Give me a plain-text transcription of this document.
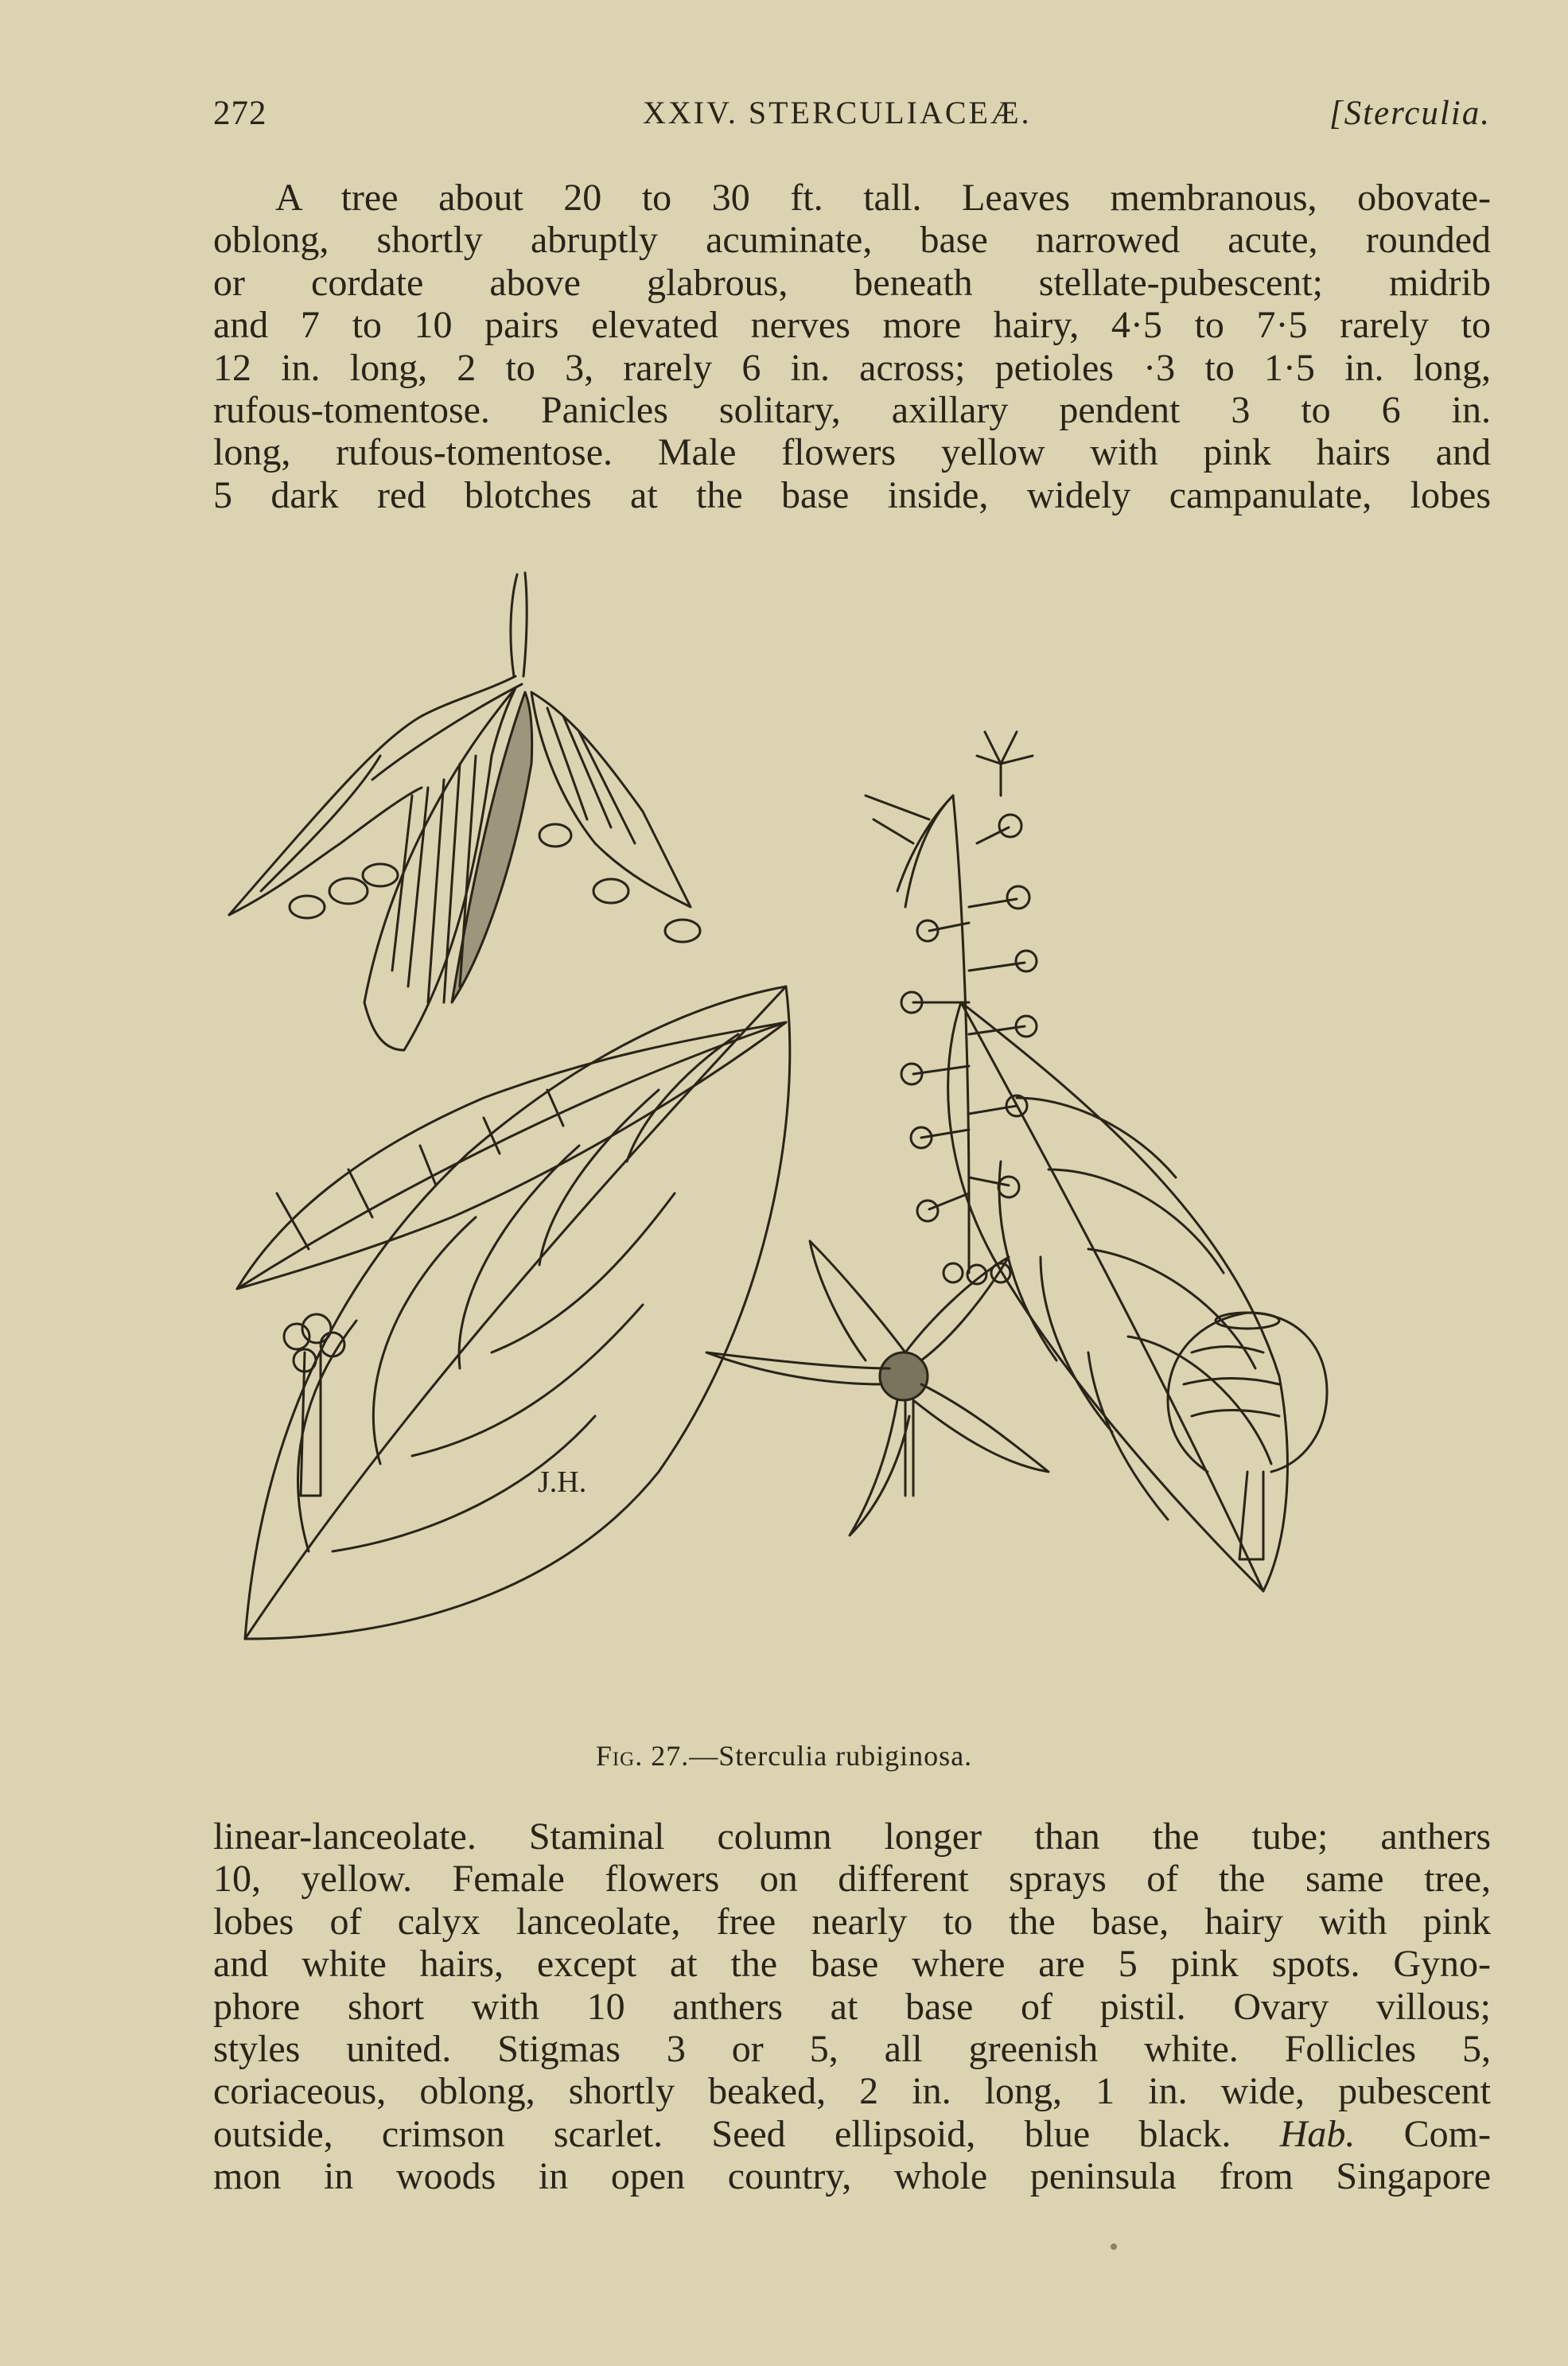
272	XXIV. STERCULIACEÆ.	[Sterculia.
A tree about 20 to 30 ft. tall. Leaves membranous, obovate-
oblong, shortly abruptly acuminate, base narrowed acute, rounded
or cordate above glabrous, beneath stellate-pubescent; midrib
and 7 to 10 pairs elevated nerves more hairy, 4·5 to 7·5 rarely to
12 in. long, 2 to 3, rarely 6 in. across; petioles ·3 to 1·5 in. long,
rufous-tomentose. Panicles solitary, axillary pendent 3 to 6 in.
long, rufous-tomentose. Male flowers yellow with pink hairs and
5 dark red blotches at the base inside, widely campanulate, lobes
J.H.
Fig. 27.—Sterculia rubiginosa.
linear-lanceolate. Staminal column longer than the tube; anthers
10, yellow. Female flowers on different sprays of the same tree,
lobes of calyx lanceolate, free nearly to the base, hairy with pink
and white hairs, except at the base where are 5 pink spots. Gyno-
phore short with 10 anthers at base of pistil. Ovary villous;
styles united. Stigmas 3 or 5, all greenish white. Follicles 5,
coriaceous, oblong, shortly beaked, 2 in. long, 1 in. wide, pubescent
outside, crimson scarlet. Seed ellipsoid, blue black. Hab. Com-
mon in woods in open country, whole peninsula from Singapore
